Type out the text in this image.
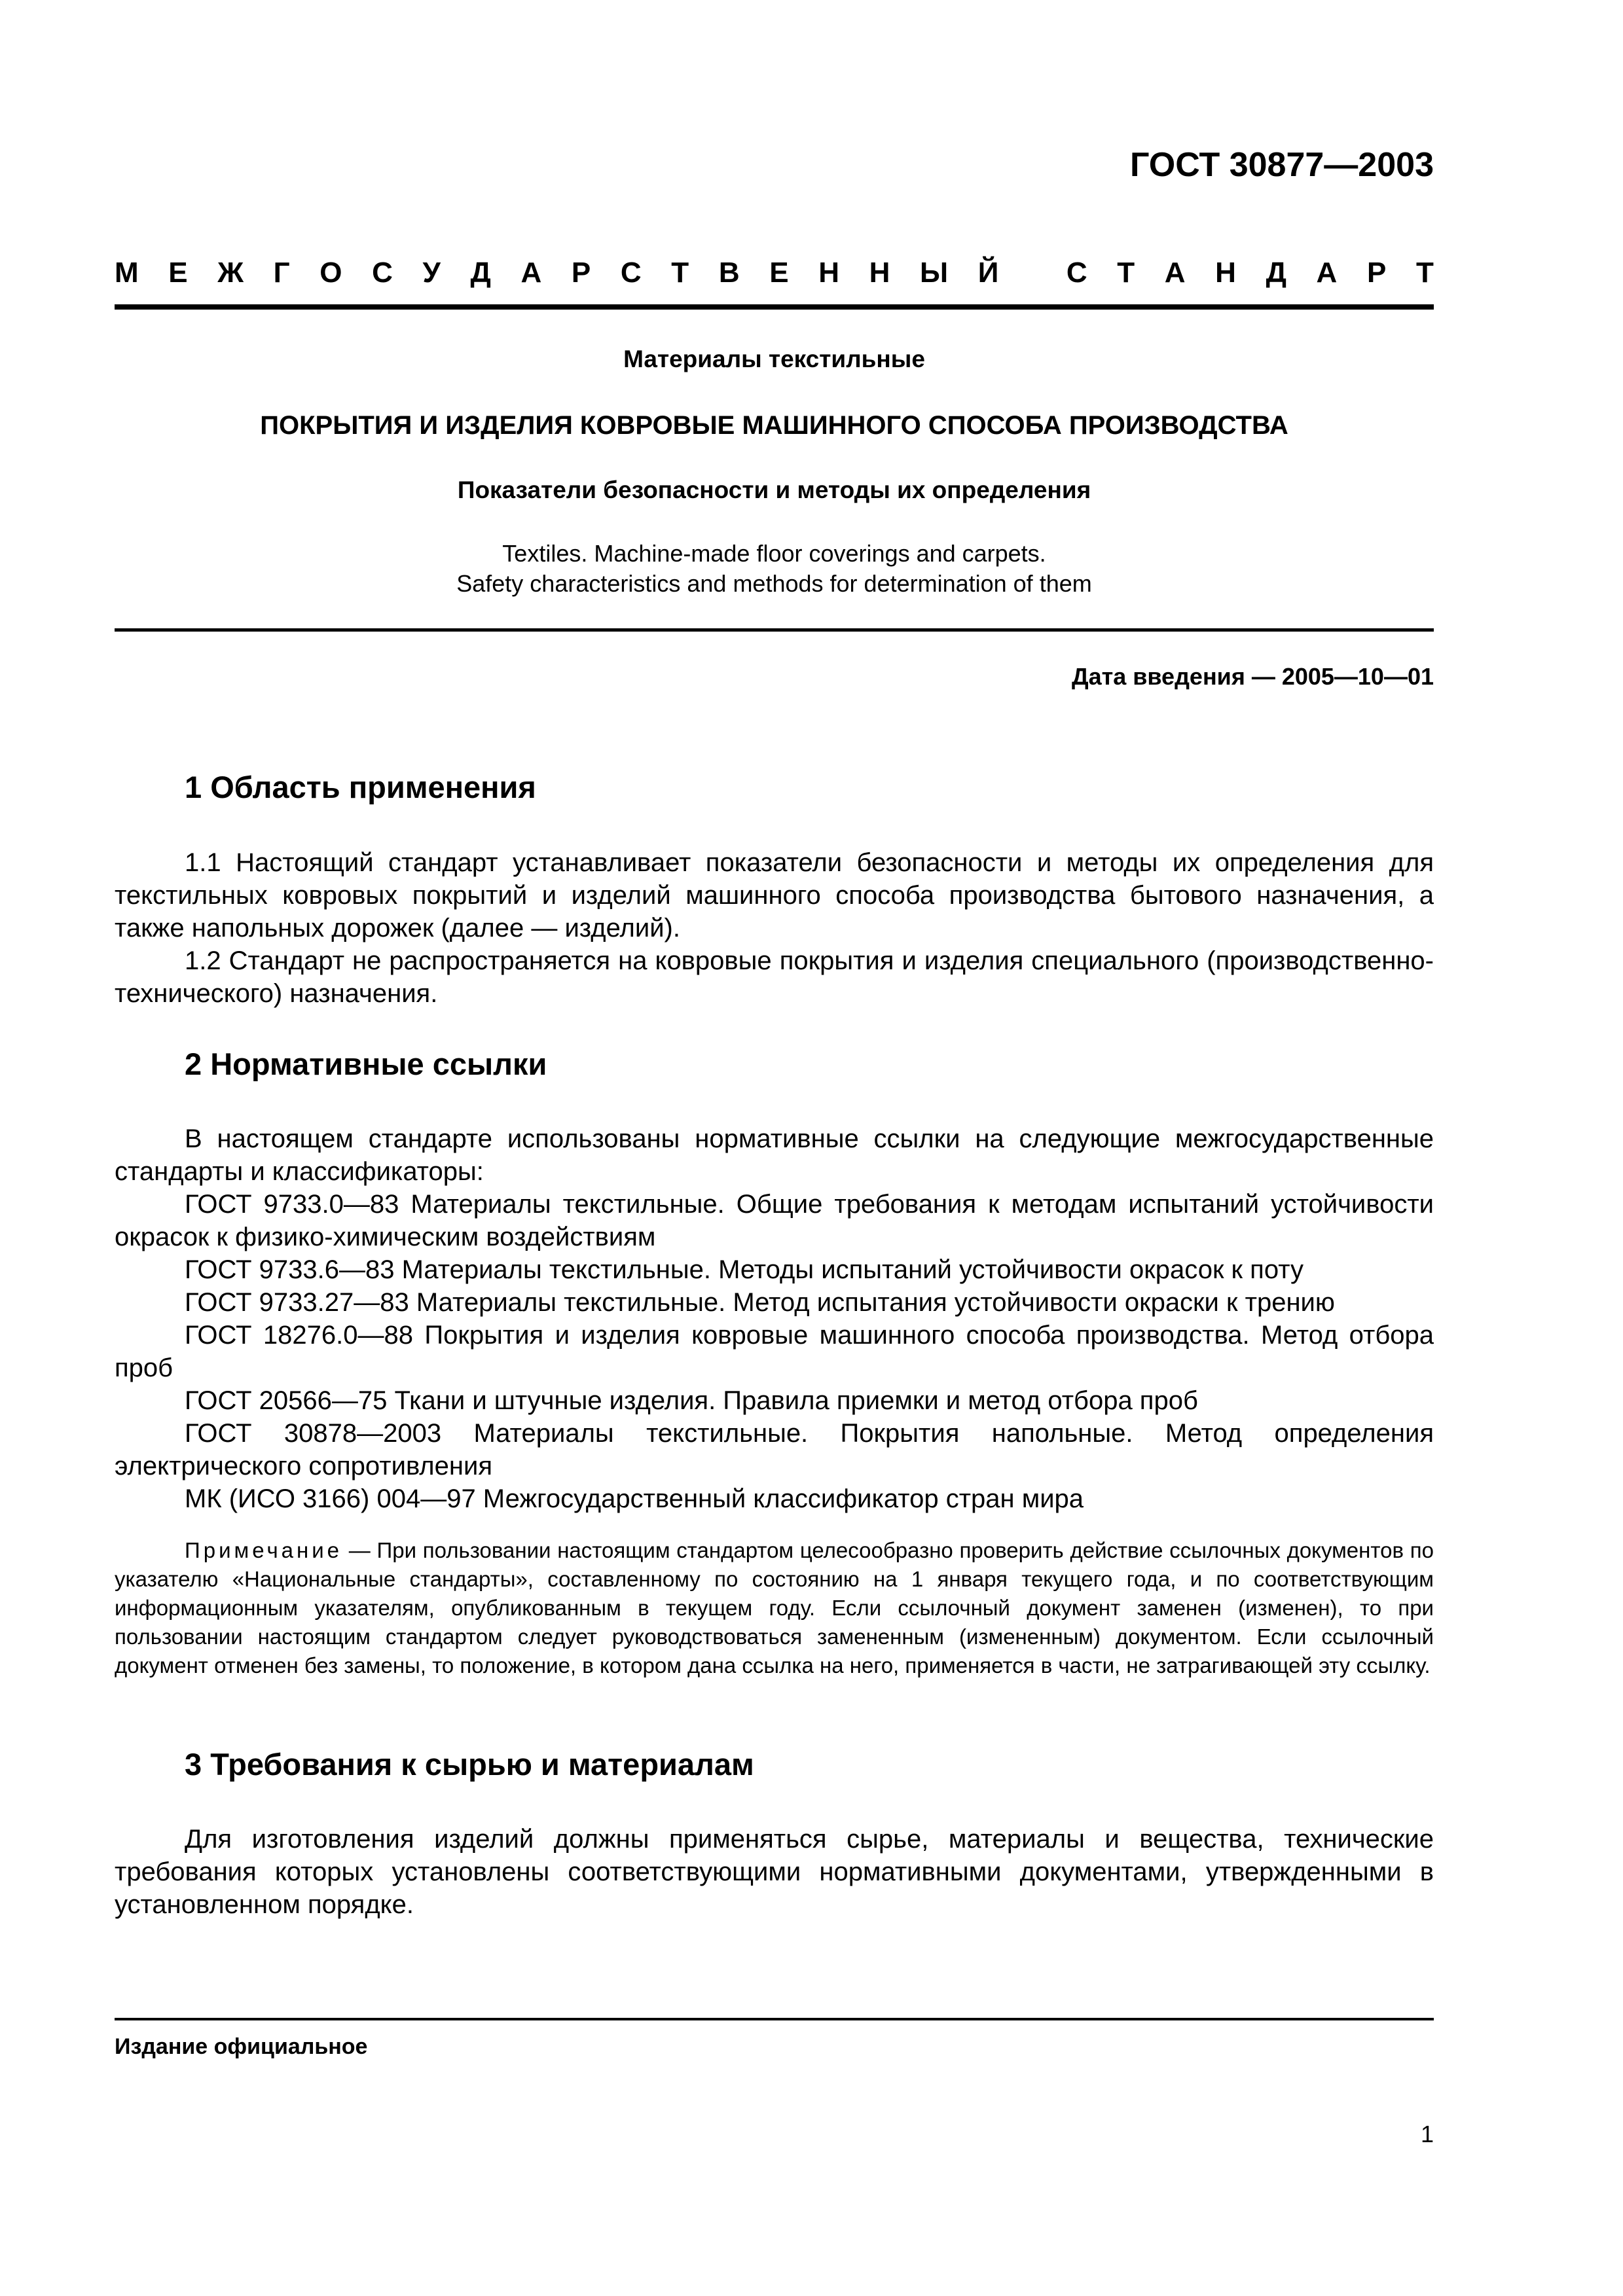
ГОСТ 30877—2003
М Е Ж Г О С У Д А Р С Т В Е Н Н Ы Й
С Т А Н Д А Р Т
Материалы текстильные
ПОКРЫТИЯ И ИЗДЕЛИЯ КОВРОВЫЕ МАШИННОГО СПОСОБА ПРОИЗВОДСТВА
Показатели безопасности и методы их определения
Textiles. Machine-made floor coverings and carpets.
Safety characteristics and methods for determination of them
Дата введения — 2005—10—01
1 Область применения
1.1 Настоящий стандарт устанавливает показатели безопасности и методы их определения для текстильных ковровых покрытий и изделий машинного способа производства бытового назначения, а также напольных дорожек (далее — изделий).
1.2 Стандарт не распространяется на ковровые покрытия и изделия специального (производственно-технического) назначения.
2 Нормативные ссылки
В настоящем стандарте использованы нормативные ссылки на следующие межгосударственные стандарты и классификаторы:
ГОСТ 9733.0—83 Материалы текстильные. Общие требования к методам испытаний устойчивости окрасок к физико-химическим воздействиям
ГОСТ 9733.6—83 Материалы текстильные. Методы испытаний устойчивости окрасок к поту
ГОСТ 9733.27—83 Материалы текстильные. Метод испытания устойчивости окраски к трению
ГОСТ 18276.0—88 Покрытия и изделия ковровые машинного способа производства. Метод отбора проб
ГОСТ 20566—75 Ткани и штучные изделия. Правила приемки и метод отбора проб
ГОСТ 30878—2003 Материалы текстильные. Покрытия напольные. Метод определения электрического сопротивления
МК (ИСО 3166) 004—97 Межгосударственный классификатор стран мира
Примечание — При пользовании настоящим стандартом целесообразно проверить действие ссылочных документов по указателю «Национальные стандарты», составленному по состоянию на 1 января текущего года, и по соответствующим информационным указателям, опубликованным в текущем году. Если ссылочный документ заменен (изменен), то при пользовании настоящим стандартом следует руководствоваться замененным (измененным) документом. Если ссылочный документ отменен без замены, то положение, в котором дана ссылка на него, применяется в части, не затрагивающей эту ссылку.
3 Требования к сырью и материалам
Для изготовления изделий должны применяться сырье, материалы и вещества, технические требования которых установлены соответствующими нормативными документами, утвержденными в установленном порядке.
Издание официальное
1
